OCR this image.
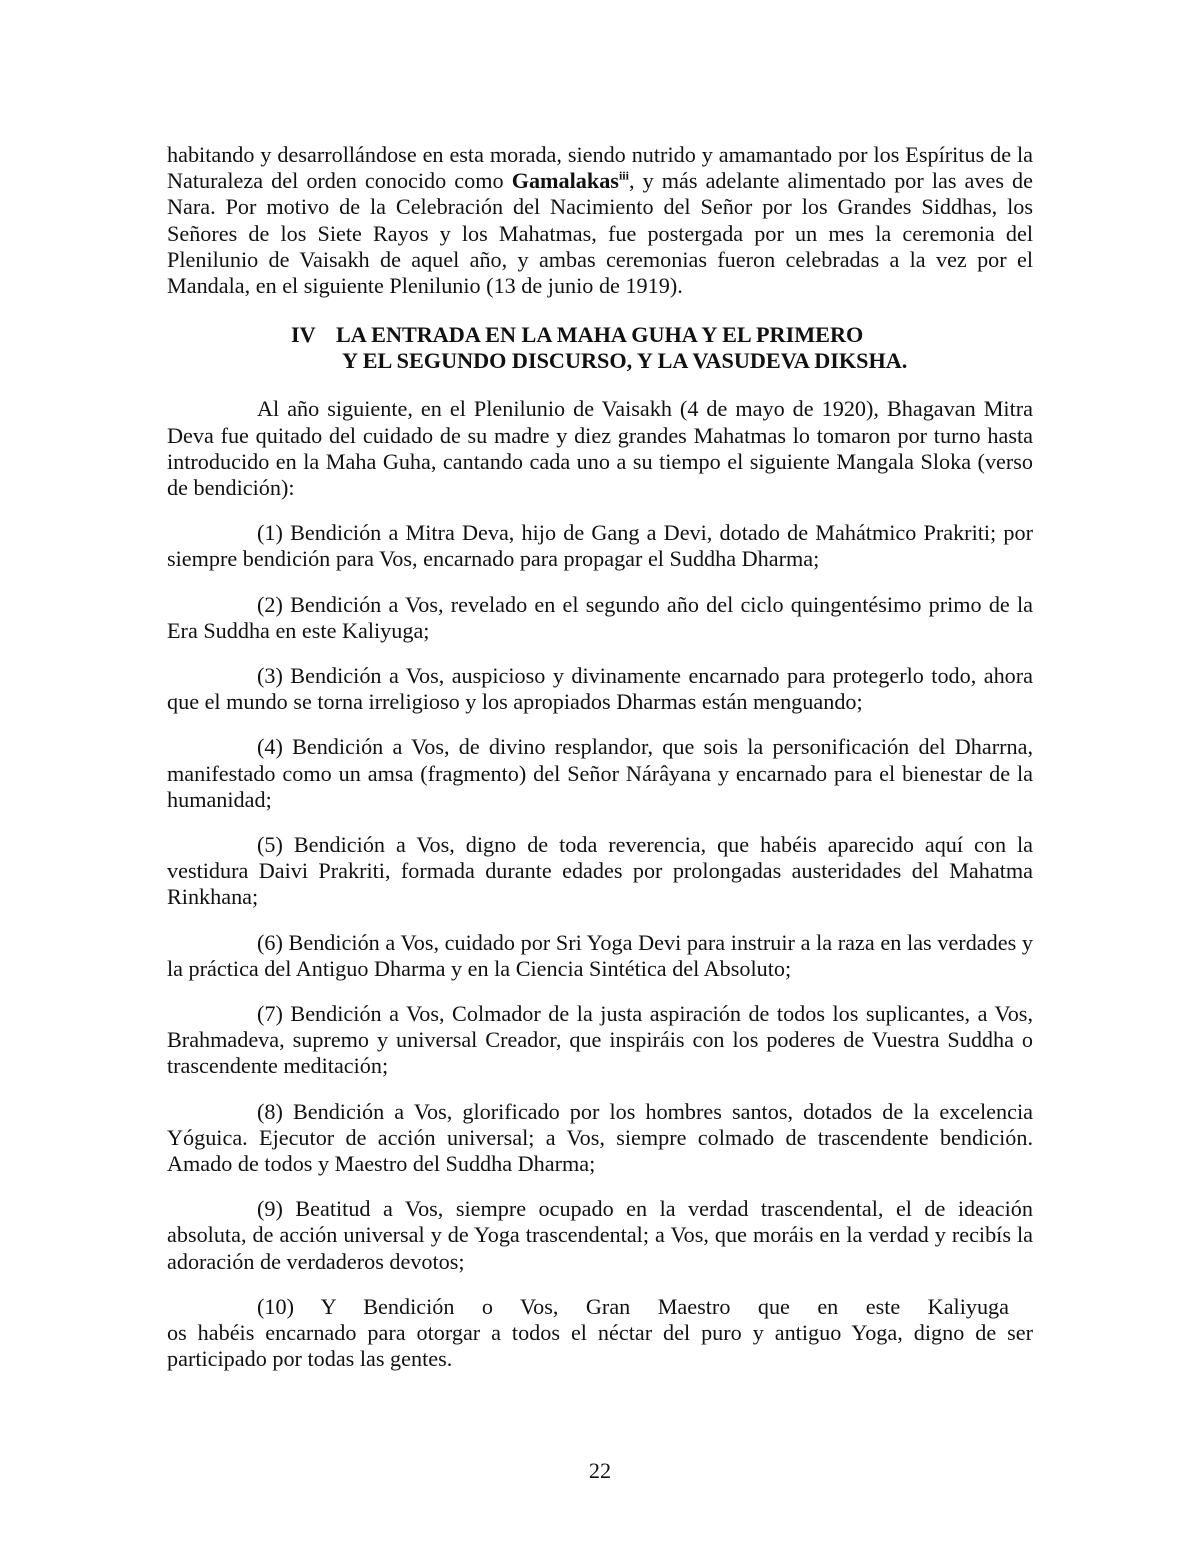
habitando y desarrollándose en esta morada, siendo nutrido y amamantado por los Espíritus de la Naturaleza del orden conocido como Gamalakas$^{iii}$, y más adelante alimentado por las aves de Nara. Por motivo de la Celebración del Nacimiento del Señor por los Grandes Siddhas, los Señores de los Siete Rayos y los Mahatmas, fue postergada por un mes la ceremonia del Plenilunio de Vaisakh de aquel año, y ambas ceremonias fueron celebradas a la vez por el Mandala, en el siguiente Plenilunio (13 de junio de 1919).

IV LA ENTRADA EN LA MAHA GUHA Y EL PRIMERO
Y EL SEGUNDO DISCURSO, Y LA VASUDEVA DIKSHA.

Al año siguiente, en el Plenilunio de Vaisakh (4 de mayo de 1920), Bhagavan Mitra Deva fue quitado del cuidado de su madre y diez grandes Mahatmas lo tomaron por turno hasta introducido en la Maha Guha, cantando cada uno a su tiempo el siguiente Mangala Sloka (verso de bendición):

(1) Bendición a Mitra Deva, hijo de Gang a Devi, dotado de Mahátmico Prakriti; por siempre bendición para Vos, encarnado para propagar el Suddha Dharma;

(2) Bendición a Vos, revelado en el segundo año del ciclo quingentésimo primo de la Era Suddha en este Kaliyuga;

(3) Bendición a Vos, auspicioso y divinamente encarnado para protegerlo todo, ahora que el mundo se torna irreligioso y los apropiados Dharmas están menguando;

(4) Bendición a Vos, de divino resplandor, que sois la personificación del Dharrna, manifestado como un amsa (fragmento) del Señor Nárâyana y encarnado para el bienestar de la humanidad;

(5) Bendición a Vos, digno de toda reverencia, que habéis aparecido aquí con la vestidura Daivi Prakriti, formada durante edades por prolongadas austeridades del Mahatma Rinkhana;

(6) Bendición a Vos, cuidado por Sri Yoga Devi para instruir a la raza en las verdades y la práctica del Antiguo Dharma y en la Ciencia Sintética del Absoluto;

(7) Bendición a Vos, Colmador de la justa aspiración de todos los suplicantes, a Vos, Brahmadeva, supremo y universal Creador, que inspiráis con los poderes de Vuestra Suddha o trascendente meditación;

(8) Bendición a Vos, glorificado por los hombres santos, dotados de la excelencia Yóguica. Ejecutor de acción universal; a Vos, siempre colmado de trascendente bendición. Amado de todos y Maestro del Suddha Dharma;

(9) Beatitud a Vos, siempre ocupado en la verdad trascendental, el de ideación absoluta, de acción universal y de Yoga trascendental; a Vos, que moráis en la verdad y recibís la adoración de verdaderos devotos;

(10) Y Bendición o Vos, Gran Maestro que en este Kaliyuga
os habéis encarnado para otorgar a todos el néctar del puro y antiguo Yoga, digno de ser participado por todas las gentes.

22
